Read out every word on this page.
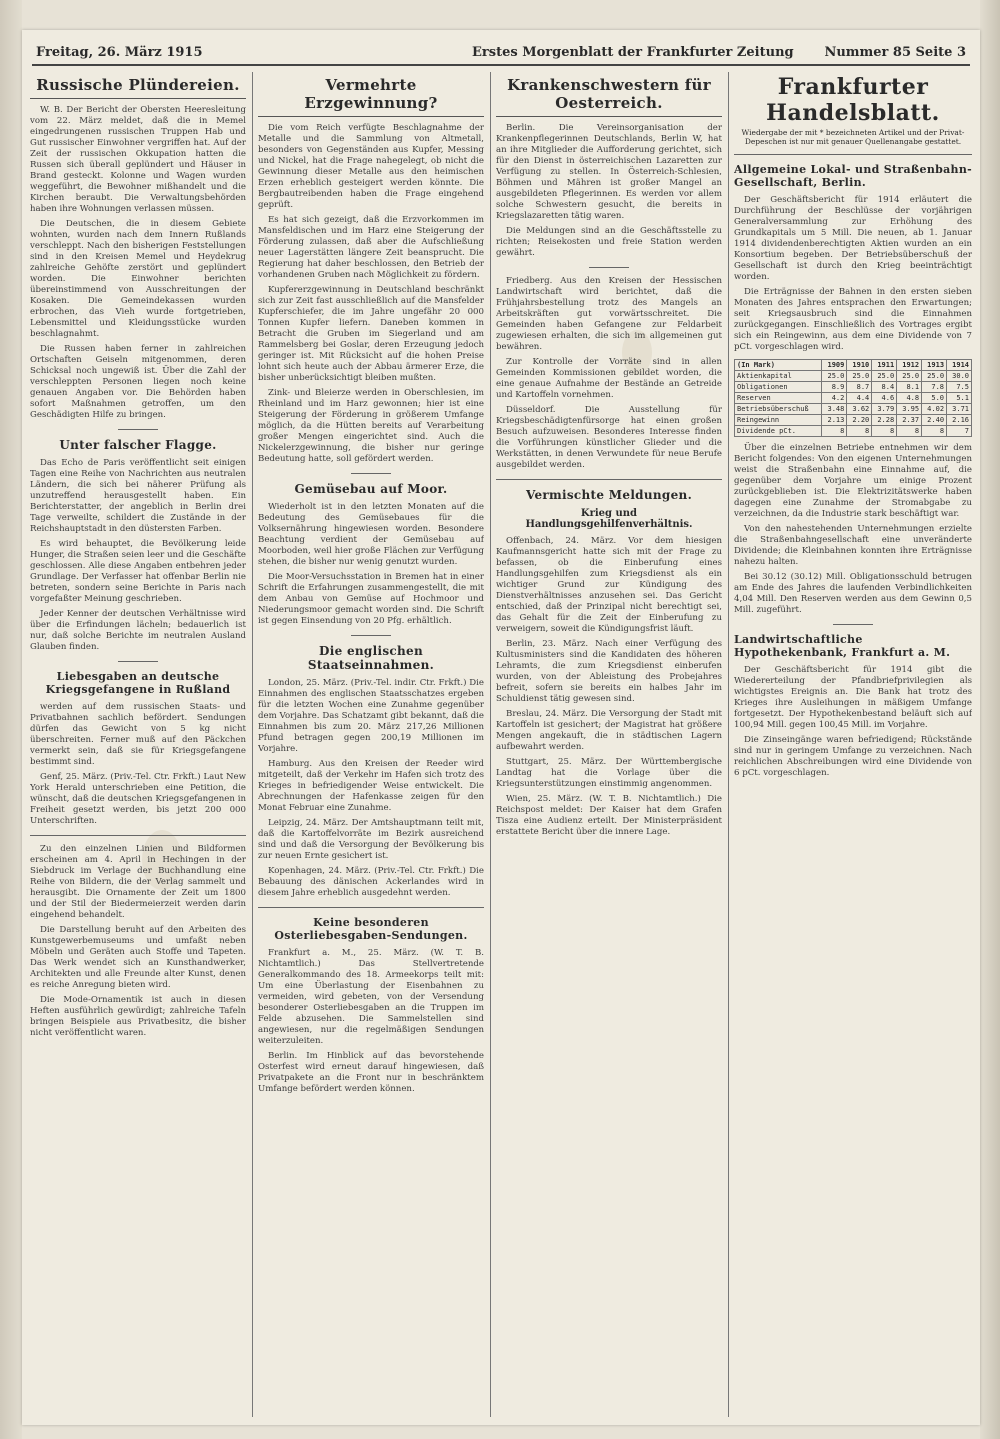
Freitag, 26. März 1915	Erstes Morgenblatt der Frankfurter Zeitung Nummer 85 Seite 3
Russische Plündereien.

W. B. Der Bericht der Obersten Heeresleitung vom 22. März meldet, daß die in Memel eingedrungenen russischen Truppen Hab und Gut russischer Einwohner vergriffen hat. Auf der Zeit der russischen Okkupation hatten die Russen sich überall geplündert und Häuser in Brand gesteckt. Kolonne und Wagen wurden weggeführt, die Bewohner mißhandelt und die Kirchen beraubt. Die Verwaltungsbehörden haben ihre Wohnungen verlassen müssen.

Die Deutschen, die in diesem Gebiete wohnten, wurden nach dem Innern Rußlands verschleppt. Nach den bisherigen Feststellungen sind in den Kreisen Memel und Heydekrug zahlreiche Gehöfte zerstört und geplündert worden. Die Einwohner berichten übereinstimmend von Ausschreitungen der Kosaken. Die Gemeindekassen wurden erbrochen, das Vieh wurde fortgetrieben, Lebensmittel und Kleidungsstücke wurden beschlagnahmt.

Die Russen haben ferner in zahlreichen Ortschaften Geiseln mitgenommen, deren Schicksal noch ungewiß ist. Über die Zahl der verschleppten Personen liegen noch keine genauen Angaben vor. Die Behörden haben sofort Maßnahmen getroffen, um den Geschädigten Hilfe zu bringen.

Unter falscher Flagge.

Das Echo de Paris veröffentlicht seit einigen Tagen eine Reihe von Nachrichten aus neutralen Ländern, die sich bei näherer Prüfung als unzutreffend herausgestellt haben. Ein Berichterstatter, der angeblich in Berlin drei Tage verweilte, schildert die Zustände in der Reichshauptstadt in den düstersten Farben.

Es wird behauptet, die Bevölkerung leide Hunger, die Straßen seien leer und die Geschäfte geschlossen. Alle diese Angaben entbehren jeder Grundlage. Der Verfasser hat offenbar Berlin nie betreten, sondern seine Berichte in Paris nach vorgefaßter Meinung geschrieben.

Jeder Kenner der deutschen Verhältnisse wird über die Erfindungen lächeln; bedauerlich ist nur, daß solche Berichte im neutralen Ausland Glauben finden.

Liebesgaben an deutsche Kriegsgefangene in Rußland

werden auf dem russischen Staats- und Privatbahnen sachlich befördert. Sendungen dürfen das Gewicht von 5 kg nicht überschreiten. Ferner muß auf den Päckchen vermerkt sein, daß sie für Kriegsgefangene bestimmt sind.

Genf, 25. März. (Priv.-Tel. Ctr. Frkft.) Laut New York Herald unterschrieben eine Petition, die wünscht, daß die deutschen Kriegsgefangenen in Freiheit gesetzt werden, bis jetzt 200 000 Unterschriften.

Zu den einzelnen Linien und Bildformen erscheinen am 4. April in Hechingen in der Siebdruck im Verlage der Buchhandlung eine Reihe von Bildern, die der Verlag sammelt und herausgibt. Die Ornamente der Zeit um 1800 und der Stil der Biedermeierzeit werden darin eingehend behandelt.

Die Darstellung beruht auf den Arbeiten des Kunstgewerbemuseums und umfaßt neben Möbeln und Geräten auch Stoffe und Tapeten. Das Werk wendet sich an Kunsthandwerker, Architekten und alle Freunde alter Kunst, denen es reiche Anregung bieten wird.

Die Mode-Ornamentik ist auch in diesen Heften ausführlich gewürdigt; zahlreiche Tafeln bringen Beispiele aus Privatbesitz, die bisher nicht veröffentlicht waren.

Vermehrte Erzgewinnung?

Die vom Reich verfügte Beschlagnahme der Metalle und die Sammlung von Altmetall, besonders von Gegenständen aus Kupfer, Messing und Nickel, hat die Frage nahegelegt, ob nicht die Gewinnung dieser Metalle aus den heimischen Erzen erheblich gesteigert werden könnte. Die Bergbautreibenden haben die Frage eingehend geprüft.

Es hat sich gezeigt, daß die Erzvorkommen im Mansfeldischen und im Harz eine Steigerung der Förderung zulassen, daß aber die Aufschließung neuer Lagerstätten längere Zeit beansprucht. Die Regierung hat daher beschlossen, den Betrieb der vorhandenen Gruben nach Möglichkeit zu fördern.

Kupfererzgewinnung in Deutschland beschränkt sich zur Zeit fast ausschließlich auf die Mansfelder Kupferschiefer, die im Jahre ungefähr 20 000 Tonnen Kupfer liefern. Daneben kommen in Betracht die Gruben im Siegerland und am Rammelsberg bei Goslar, deren Erzeugung jedoch geringer ist. Mit Rücksicht auf die hohen Preise lohnt sich heute auch der Abbau ärmerer Erze, die bisher unberücksichtigt bleiben mußten.

Zink- und Bleierze werden in Oberschlesien, im Rheinland und im Harz gewonnen; hier ist eine Steigerung der Förderung in größerem Umfange möglich, da die Hütten bereits auf Verarbeitung großer Mengen eingerichtet sind. Auch die Nickelerzgewinnung, die bisher nur geringe Bedeutung hatte, soll gefördert werden.

Gemüsebau auf Moor.

Wiederholt ist in den letzten Monaten auf die Bedeutung des Gemüsebaues für die Volksernährung hingewiesen worden. Besondere Beachtung verdient der Gemüsebau auf Moorboden, weil hier große Flächen zur Verfügung stehen, die bisher nur wenig genutzt wurden.

Die Moor-Versuchsstation in Bremen hat in einer Schrift die Erfahrungen zusammengestellt, die mit dem Anbau von Gemüse auf Hochmoor und Niederungsmoor gemacht worden sind. Die Schrift ist gegen Einsendung von 20 Pfg. erhältlich.

Die englischen Staatseinnahmen.

London, 25. März. (Priv.-Tel. indir. Ctr. Frkft.) Die Einnahmen des englischen Staatsschatzes ergeben für die letzten Wochen eine Zunahme gegenüber dem Vorjahre. Das Schatzamt gibt bekannt, daß die Einnahmen bis zum 20. März 217,26 Millionen Pfund betragen gegen 200,19 Millionen im Vorjahre.

Hamburg. Aus den Kreisen der Reeder wird mitgeteilt, daß der Verkehr im Hafen sich trotz des Krieges in befriedigender Weise entwickelt. Die Abrechnungen der Hafenkasse zeigen für den Monat Februar eine Zunahme.

Leipzig, 24. März. Der Amtshauptmann teilt mit, daß die Kartoffelvorräte im Bezirk ausreichend sind und daß die Versorgung der Bevölkerung bis zur neuen Ernte gesichert ist.

Kopenhagen, 24. März. (Priv.-Tel. Ctr. Frkft.) Die Bebauung des dänischen Ackerlandes wird in diesem Jahre erheblich ausgedehnt werden.

Keine besonderen Osterliebesgaben-Sendungen.

Frankfurt a. M., 25. März. (W. T. B. Nichtamtlich.) Das Stellvertretende Generalkommando des 18. Armeekorps teilt mit: Um eine Überlastung der Eisenbahnen zu vermeiden, wird gebeten, von der Versendung besonderer Osterliebesgaben an die Truppen im Felde abzusehen. Die Sammelstellen sind angewiesen, nur die regelmäßigen Sendungen weiterzuleiten.

Berlin. Im Hinblick auf das bevorstehende Osterfest wird erneut darauf hingewiesen, daß Privatpakete an die Front nur in beschränktem Umfange befördert werden können.

Krankenschwestern für Oesterreich.

Berlin. Die Vereinsorganisation der Krankenpflegerinnen Deutschlands, Berlin W, hat an ihre Mitglieder die Aufforderung gerichtet, sich für den Dienst in österreichischen Lazaretten zur Verfügung zu stellen. In Österreich-Schlesien, Böhmen und Mähren ist großer Mangel an ausgebildeten Pflegerinnen. Es werden vor allem solche Schwestern gesucht, die bereits in Kriegslazaretten tätig waren.

Die Meldungen sind an die Geschäftsstelle zu richten; Reisekosten und freie Station werden gewährt.

Friedberg. Aus den Kreisen der Hessischen Landwirtschaft wird berichtet, daß die Frühjahrsbestellung trotz des Mangels an Arbeitskräften gut vorwärtsschreitet. Die Gemeinden haben Gefangene zur Feldarbeit zugewiesen erhalten, die sich im allgemeinen gut bewähren.

Zur Kontrolle der Vorräte sind in allen Gemeinden Kommissionen gebildet worden, die eine genaue Aufnahme der Bestände an Getreide und Kartoffeln vornehmen.

Düsseldorf. Die Ausstellung für Kriegsbeschädigtenfürsorge hat einen großen Besuch aufzuweisen. Besonderes Interesse finden die Vorführungen künstlicher Glieder und die Werkstätten, in denen Verwundete für neue Berufe ausgebildet werden.

Vermischte Meldungen.
Krieg und Handlungsgehilfenverhältnis.

Offenbach, 24. März. Vor dem hiesigen Kaufmannsgericht hatte sich mit der Frage zu befassen, ob die Einberufung eines Handlungsgehilfen zum Kriegsdienst als ein wichtiger Grund zur Kündigung des Dienstverhältnisses anzusehen sei. Das Gericht entschied, daß der Prinzipal nicht berechtigt sei, das Gehalt für die Zeit der Einberufung zu verweigern, soweit die Kündigungsfrist läuft.

Berlin, 23. März. Nach einer Verfügung des Kultusministers sind die Kandidaten des höheren Lehramts, die zum Kriegsdienst einberufen wurden, von der Ableistung des Probejahres befreit, sofern sie bereits ein halbes Jahr im Schuldienst tätig gewesen sind.

Breslau, 24. März. Die Versorgung der Stadt mit Kartoffeln ist gesichert; der Magistrat hat größere Mengen angekauft, die in städtischen Lagern aufbewahrt werden.

Stuttgart, 25. März. Der Württembergische Landtag hat die Vorlage über die Kriegsunterstützungen einstimmig angenommen.

Wien, 25. März. (W. T. B. Nichtamtlich.) Die Reichspost meldet: Der Kaiser hat dem Grafen Tisza eine Audienz erteilt. Der Ministerpräsident erstattete Bericht über die innere Lage.

Frankfurter Handelsblatt.
Wiedergabe der mit * bezeichneten Artikel und der Privat-Depeschen ist nur mit genauer Quellenangabe gestattet.
Allgemeine Lokal- und Straßenbahn-Gesellschaft, Berlin.

Der Geschäftsbericht für 1914 erläutert die Durchführung der Beschlüsse der vorjährigen Generalversammlung zur Erhöhung des Grundkapitals um 5 Mill. Die neuen, ab 1. Januar 1914 dividendenberechtigten Aktien wurden an ein Konsortium begeben. Der Betriebsüberschuß der Gesellschaft ist durch den Krieg beeinträchtigt worden.

Die Erträgnisse der Bahnen in den ersten sieben Monaten des Jahres entsprachen den Erwartungen; seit Kriegsausbruch sind die Einnahmen zurückgegangen. Einschließlich des Vortrages ergibt sich ein Reingewinn, aus dem eine Dividende von 7 pCt. vorgeschlagen wird.

(In Mark)	1909	1910	1911	1912	1913	1914
Aktienkapital	25.0	25.0	25.0	25.0	25.0	30.0
Obligationen	8.9	8.7	8.4	8.1	7.8	7.5
Reserven	4.2	4.4	4.6	4.8	5.0	5.1
Betriebsüberschuß	3.48	3.62	3.79	3.95	4.02	3.71
Reingewinn	2.13	2.20	2.28	2.37	2.40	2.16
Dividende pCt.	8	8	8	8	8	7

Über die einzelnen Betriebe entnehmen wir dem Bericht folgendes: Von den eigenen Unternehmungen weist die Straßenbahn eine Einnahme auf, die gegenüber dem Vorjahre um einige Prozent zurückgeblieben ist. Die Elektrizitätswerke haben dagegen eine Zunahme der Stromabgabe zu verzeichnen, da die Industrie stark beschäftigt war.

Von den nahestehenden Unternehmungen erzielte die Straßenbahngesellschaft eine unveränderte Dividende; die Kleinbahnen konnten ihre Erträgnisse nahezu halten.

Bei 30.12 (30.12) Mill. Obligationsschuld betrugen am Ende des Jahres die laufenden Verbindlichkeiten 4,04 Mill. Den Reserven werden aus dem Gewinn 0,5 Mill. zugeführt.

Landwirtschaftliche Hypothekenbank, Frankfurt a. M.

Der Geschäftsbericht für 1914 gibt die Wiedererteilung der Pfandbriefprivilegien als wichtigstes Ereignis an. Die Bank hat trotz des Krieges ihre Ausleihungen in mäßigem Umfange fortgesetzt. Der Hypothekenbestand beläuft sich auf 100,94 Mill. gegen 100,45 Mill. im Vorjahre.

Die Zinseingänge waren befriedigend; Rückstände sind nur in geringem Umfange zu verzeichnen. Nach reichlichen Abschreibungen wird eine Dividende von 6 pCt. vorgeschlagen.
